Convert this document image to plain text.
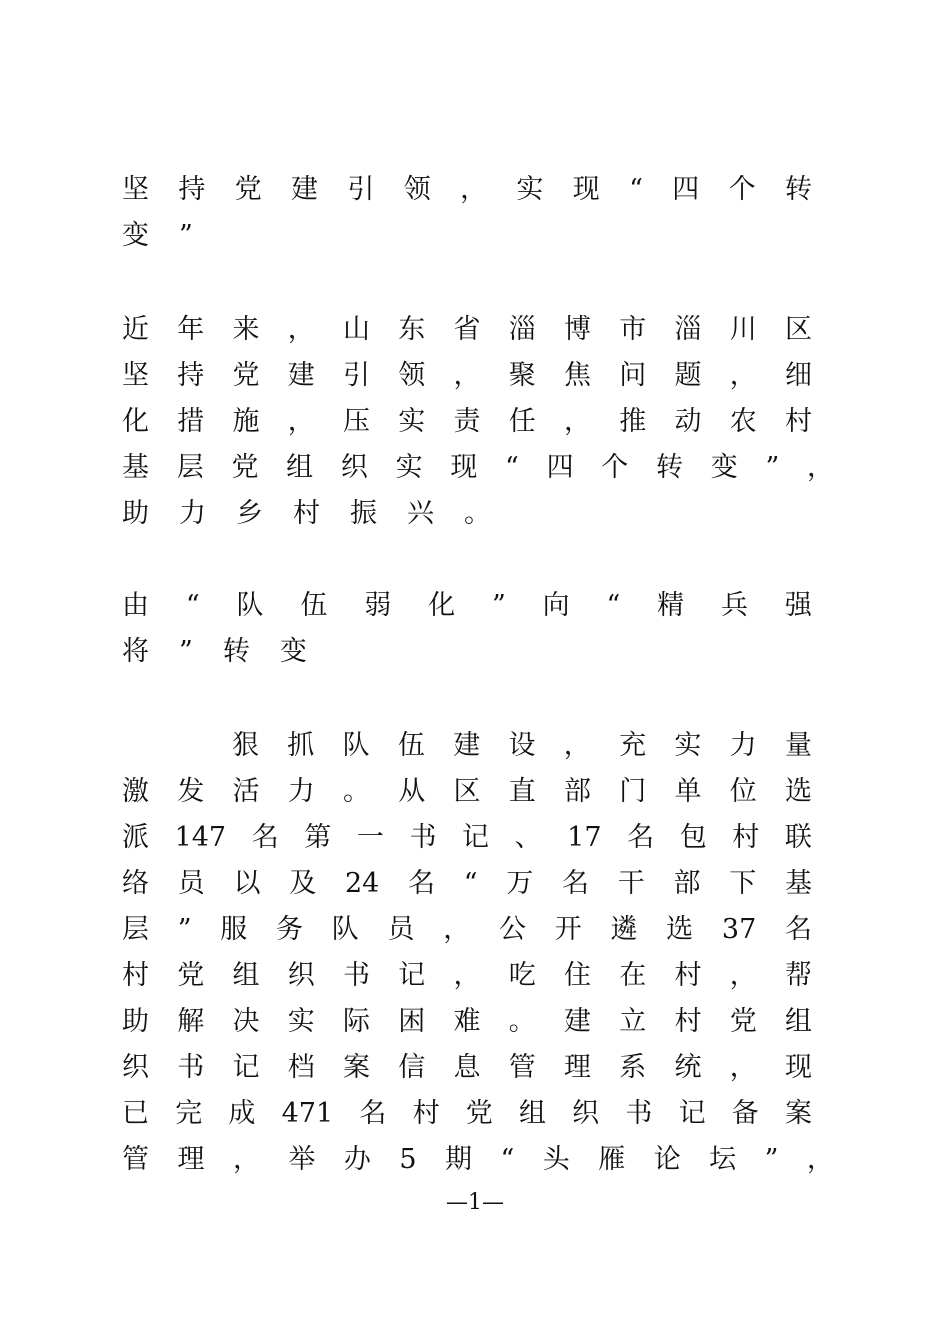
坚 持 党 建 引 领 ， 实 现 “ 四 个 转
变 ”
近 年 来 ， 山 东 省 淄 博 市 淄 川 区
坚 持 党 建 引 领 ， 聚 焦 问 题 ， 细
化 措 施 ， 压 实 责 任 ， 推 动 农 村
基 层 党 组 织 实 现 “ 四 个 转 变 ” ，
助 力 乡 村 振 兴 。
由 “ 队 伍 弱 化 ” 向 “ 精 兵 强
将 ” 转 变
狠 抓 队 伍 建 设 ， 充 实 力 量
激 发 活 力 。 从 区 直 部 门 单 位 选
派 147 名 第 一 书 记 、 17 名 包 村 联
络 员 以 及 24 名 “ 万 名 干 部 下 基
层 ” 服 务 队 员 ， 公 开 遴 选 37 名
村 党 组 织 书 记 ， 吃 住 在 村 ， 帮
助 解 决 实 际 困 难 。 建 立 村 党 组
织 书 记 档 案 信 息 管 理 系 统 ， 现
已 完 成 471 名 村 党 组 织 书 记 备 案
管 理 ， 举 办 5 期 “ 头 雁 论 坛 ” ，
—1—
